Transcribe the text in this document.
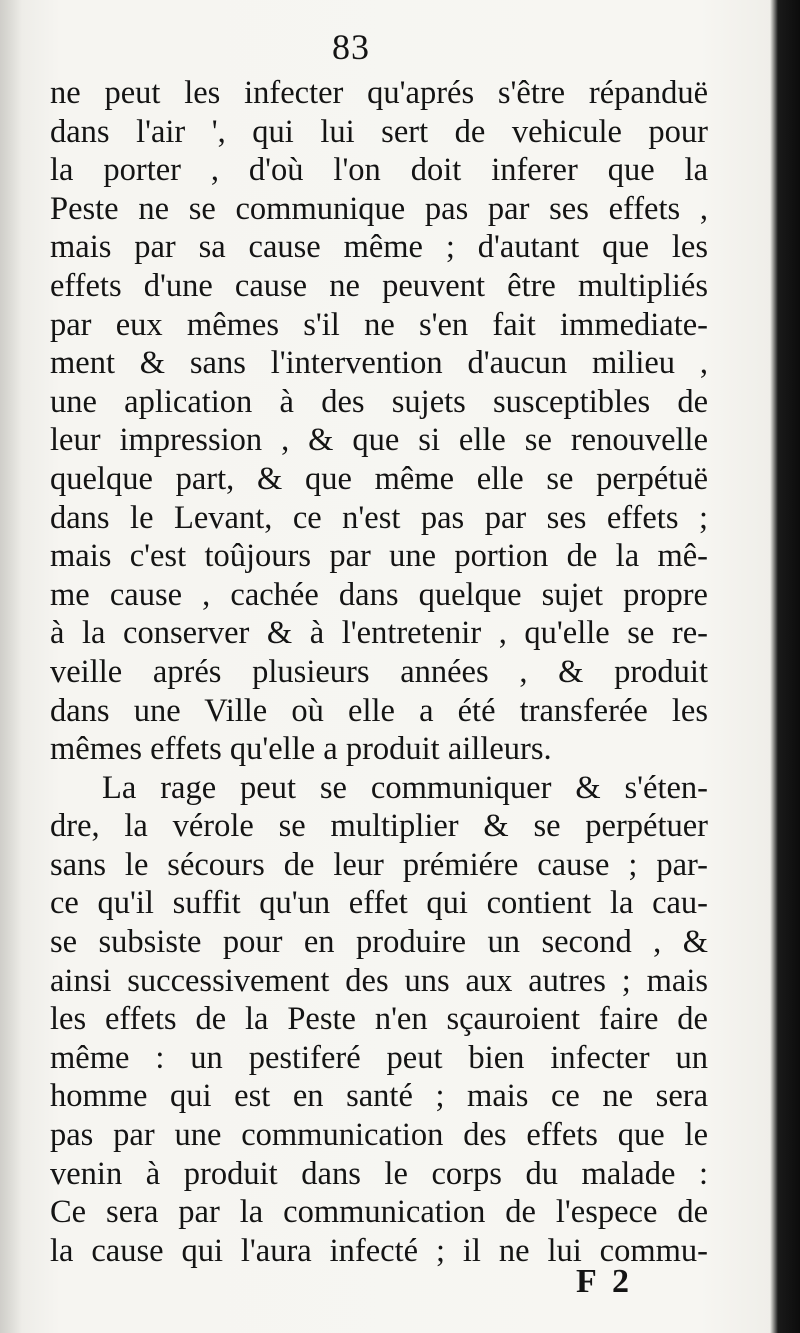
83
ne peut les infecter qu'aprés s'être répanduë
dans l'air ', qui lui sert de vehicule pour
la porter , d'où l'on doit inferer que la
Peste ne se communique pas par ses effets ,
mais par sa cause même ; d'autant que les
effets d'une cause ne peuvent être multipliés
par eux mêmes s'il ne s'en fait immediate-
ment & sans l'intervention d'aucun milieu ,
une aplication à des sujets susceptibles de
leur impression , & que si elle se renouvelle
quelque part, & que même elle se perpétuë
dans le Levant, ce n'est pas par ses effets ;
mais c'est toûjours par une portion de la mê-
me cause , cachée dans quelque sujet propre
à la conserver & à l'entretenir , qu'elle se re-
veille aprés plusieurs années , & produit
dans une Ville où elle a été transferée les
mêmes effets qu'elle a produit ailleurs.
La rage peut se communiquer & s'éten-
dre, la vérole se multiplier & se perpétuer
sans le sécours de leur prémiére cause ; par-
ce qu'il suffit qu'un effet qui contient la cau-
se subsiste pour en produire un second , &
ainsi successivement des uns aux autres ; mais
les effets de la Peste n'en sçauroient faire de
même : un pestiferé peut bien infecter un
homme qui est en santé ; mais ce ne sera
pas par une communication des effets que le
venin à produit dans le corps du malade :
Ce sera par la communication de l'espece de
la cause qui l'aura infecté ; il ne lui commu-
F 2
